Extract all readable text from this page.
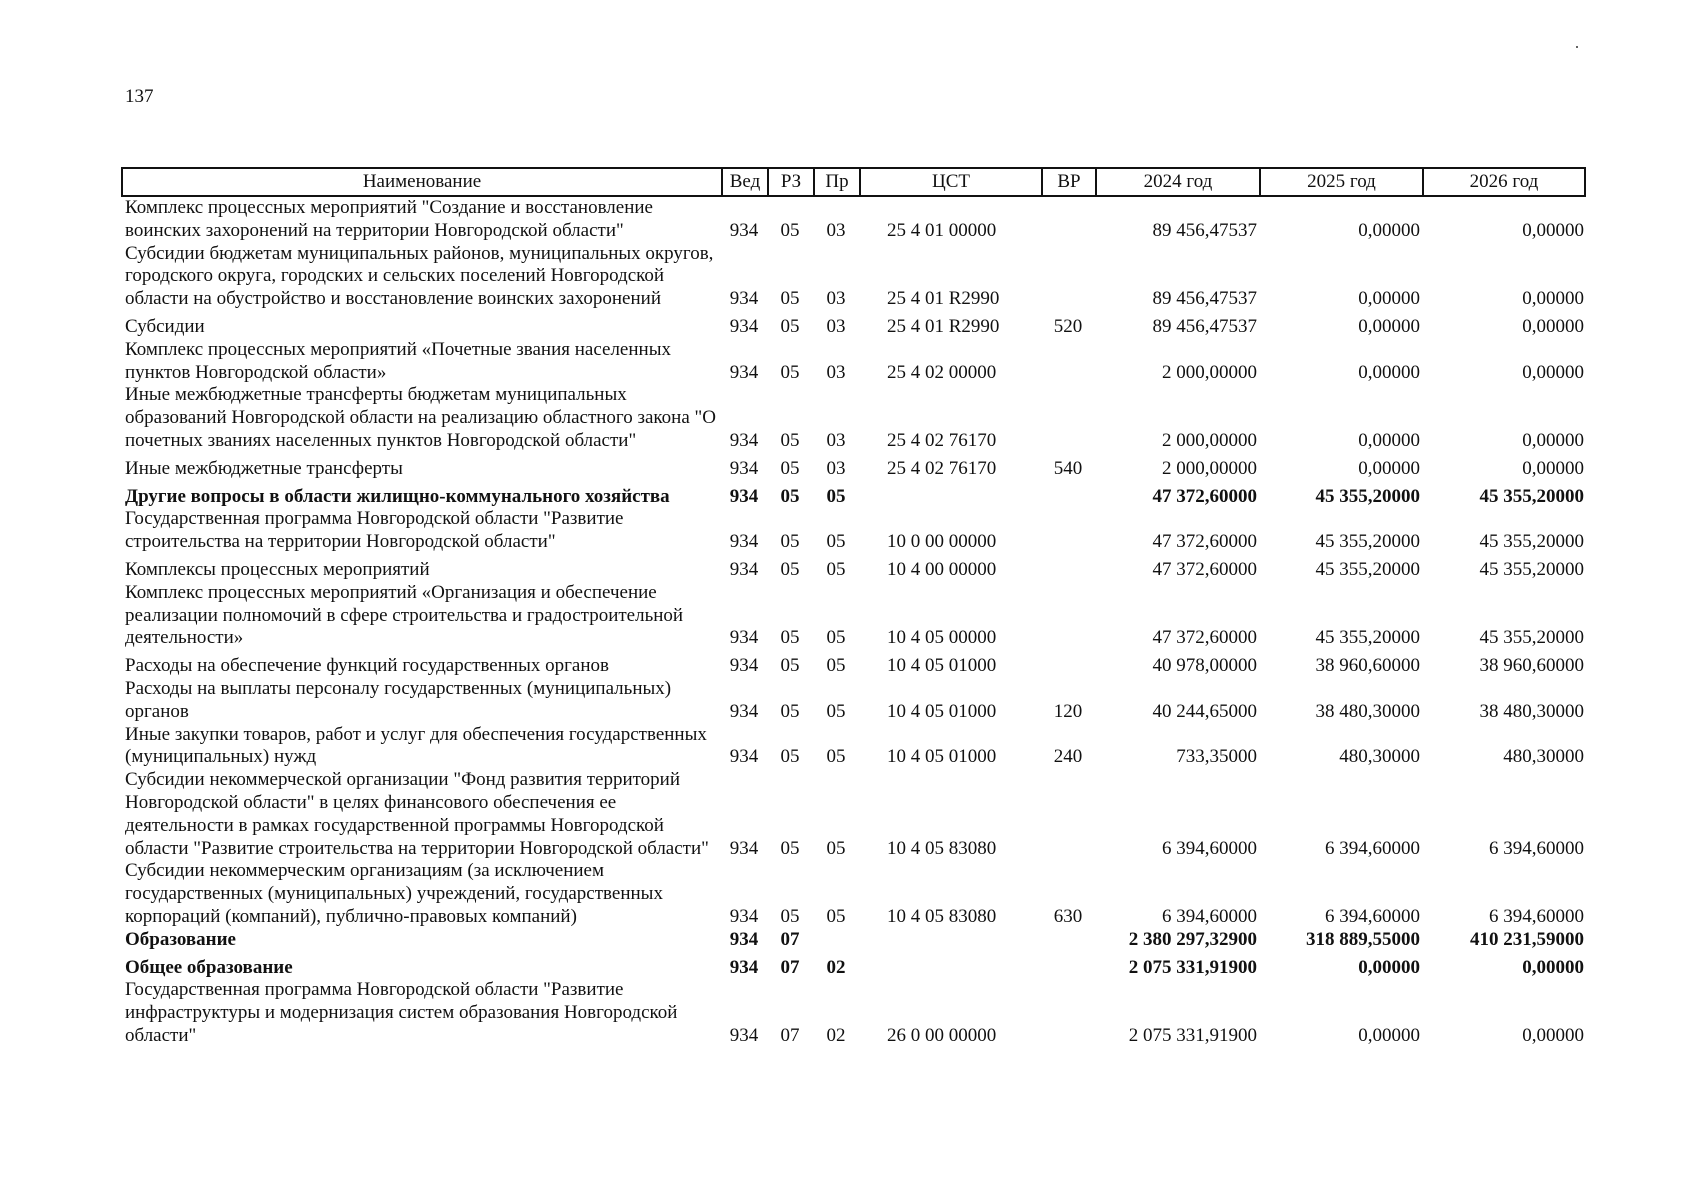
137
Наименование	Вед	РЗ	Пр	ЦСТ	ВР	2024 год	2025 год	2026 год
Комплекс процессных мероприятий "Создание и восстановление воинских захоронений на территории Новгородской области"	934	05	03	25 4 01 00000		89 456,47537	0,00000	0,00000
Субсидии бюджетам муниципальных районов, муниципальных округов, городского округа, городских и сельских поселений Новгородской области на обустройство и восстановление воинских захоронений	934	05	03	25 4 01 R2990		89 456,47537	0,00000	0,00000
Субсидии	934	05	03	25 4 01 R2990	520	89 456,47537	0,00000	0,00000
Комплекс процессных мероприятий «Почетные звания населенных пунктов Новгородской области»	934	05	03	25 4 02 00000		2 000,00000	0,00000	0,00000
Иные межбюджетные трансферты бюджетам муниципальных образований Новгородской области на реализацию областного закона "О почетных званиях населенных пунктов Новгородской области"	934	05	03	25 4 02 76170		2 000,00000	0,00000	0,00000
Иные межбюджетные трансферты	934	05	03	25 4 02 76170	540	2 000,00000	0,00000	0,00000
Другие вопросы в области жилищно-коммунального хозяйства	934	05	05			47 372,60000	45 355,20000	45 355,20000
Государственная программа Новгородской области "Развитие строительства на территории Новгородской области"	934	05	05	10 0 00 00000		47 372,60000	45 355,20000	45 355,20000
Комплексы процессных мероприятий	934	05	05	10 4 00 00000		47 372,60000	45 355,20000	45 355,20000
Комплекс процессных мероприятий «Организация и обеспечение реализации полномочий в сфере строительства и градостроительной деятельности»	934	05	05	10 4 05 00000		47 372,60000	45 355,20000	45 355,20000
Расходы на обеспечение функций государственных органов	934	05	05	10 4 05 01000		40 978,00000	38 960,60000	38 960,60000
Расходы на выплаты персоналу государственных (муниципальных) органов	934	05	05	10 4 05 01000	120	40 244,65000	38 480,30000	38 480,30000
Иные закупки товаров, работ и услуг для обеспечения государственных (муниципальных) нужд	934	05	05	10 4 05 01000	240	733,35000	480,30000	480,30000
Субсидии некоммерческой организации "Фонд развития территорий Новгородской области" в целях финансового обеспечения ее деятельности в рамках государственной программы Новгородской области "Развитие строительства на территории Новгородской области"	934	05	05	10 4 05 83080		6 394,60000	6 394,60000	6 394,60000
Субсидии некоммерческим организациям (за исключением государственных (муниципальных) учреждений, государственных корпораций (компаний), публично-правовых компаний)	934	05	05	10 4 05 83080	630	6 394,60000	6 394,60000	6 394,60000
Образование	934	07				2 380 297,32900	318 889,55000	410 231,59000
Общее образование	934	07	02			2 075 331,91900	0,00000	0,00000
Государственная программа Новгородской области "Развитие инфраструктуры и модернизация систем образования Новгородской области"	934	07	02	26 0 00 00000		2 075 331,91900	0,00000	0,00000
